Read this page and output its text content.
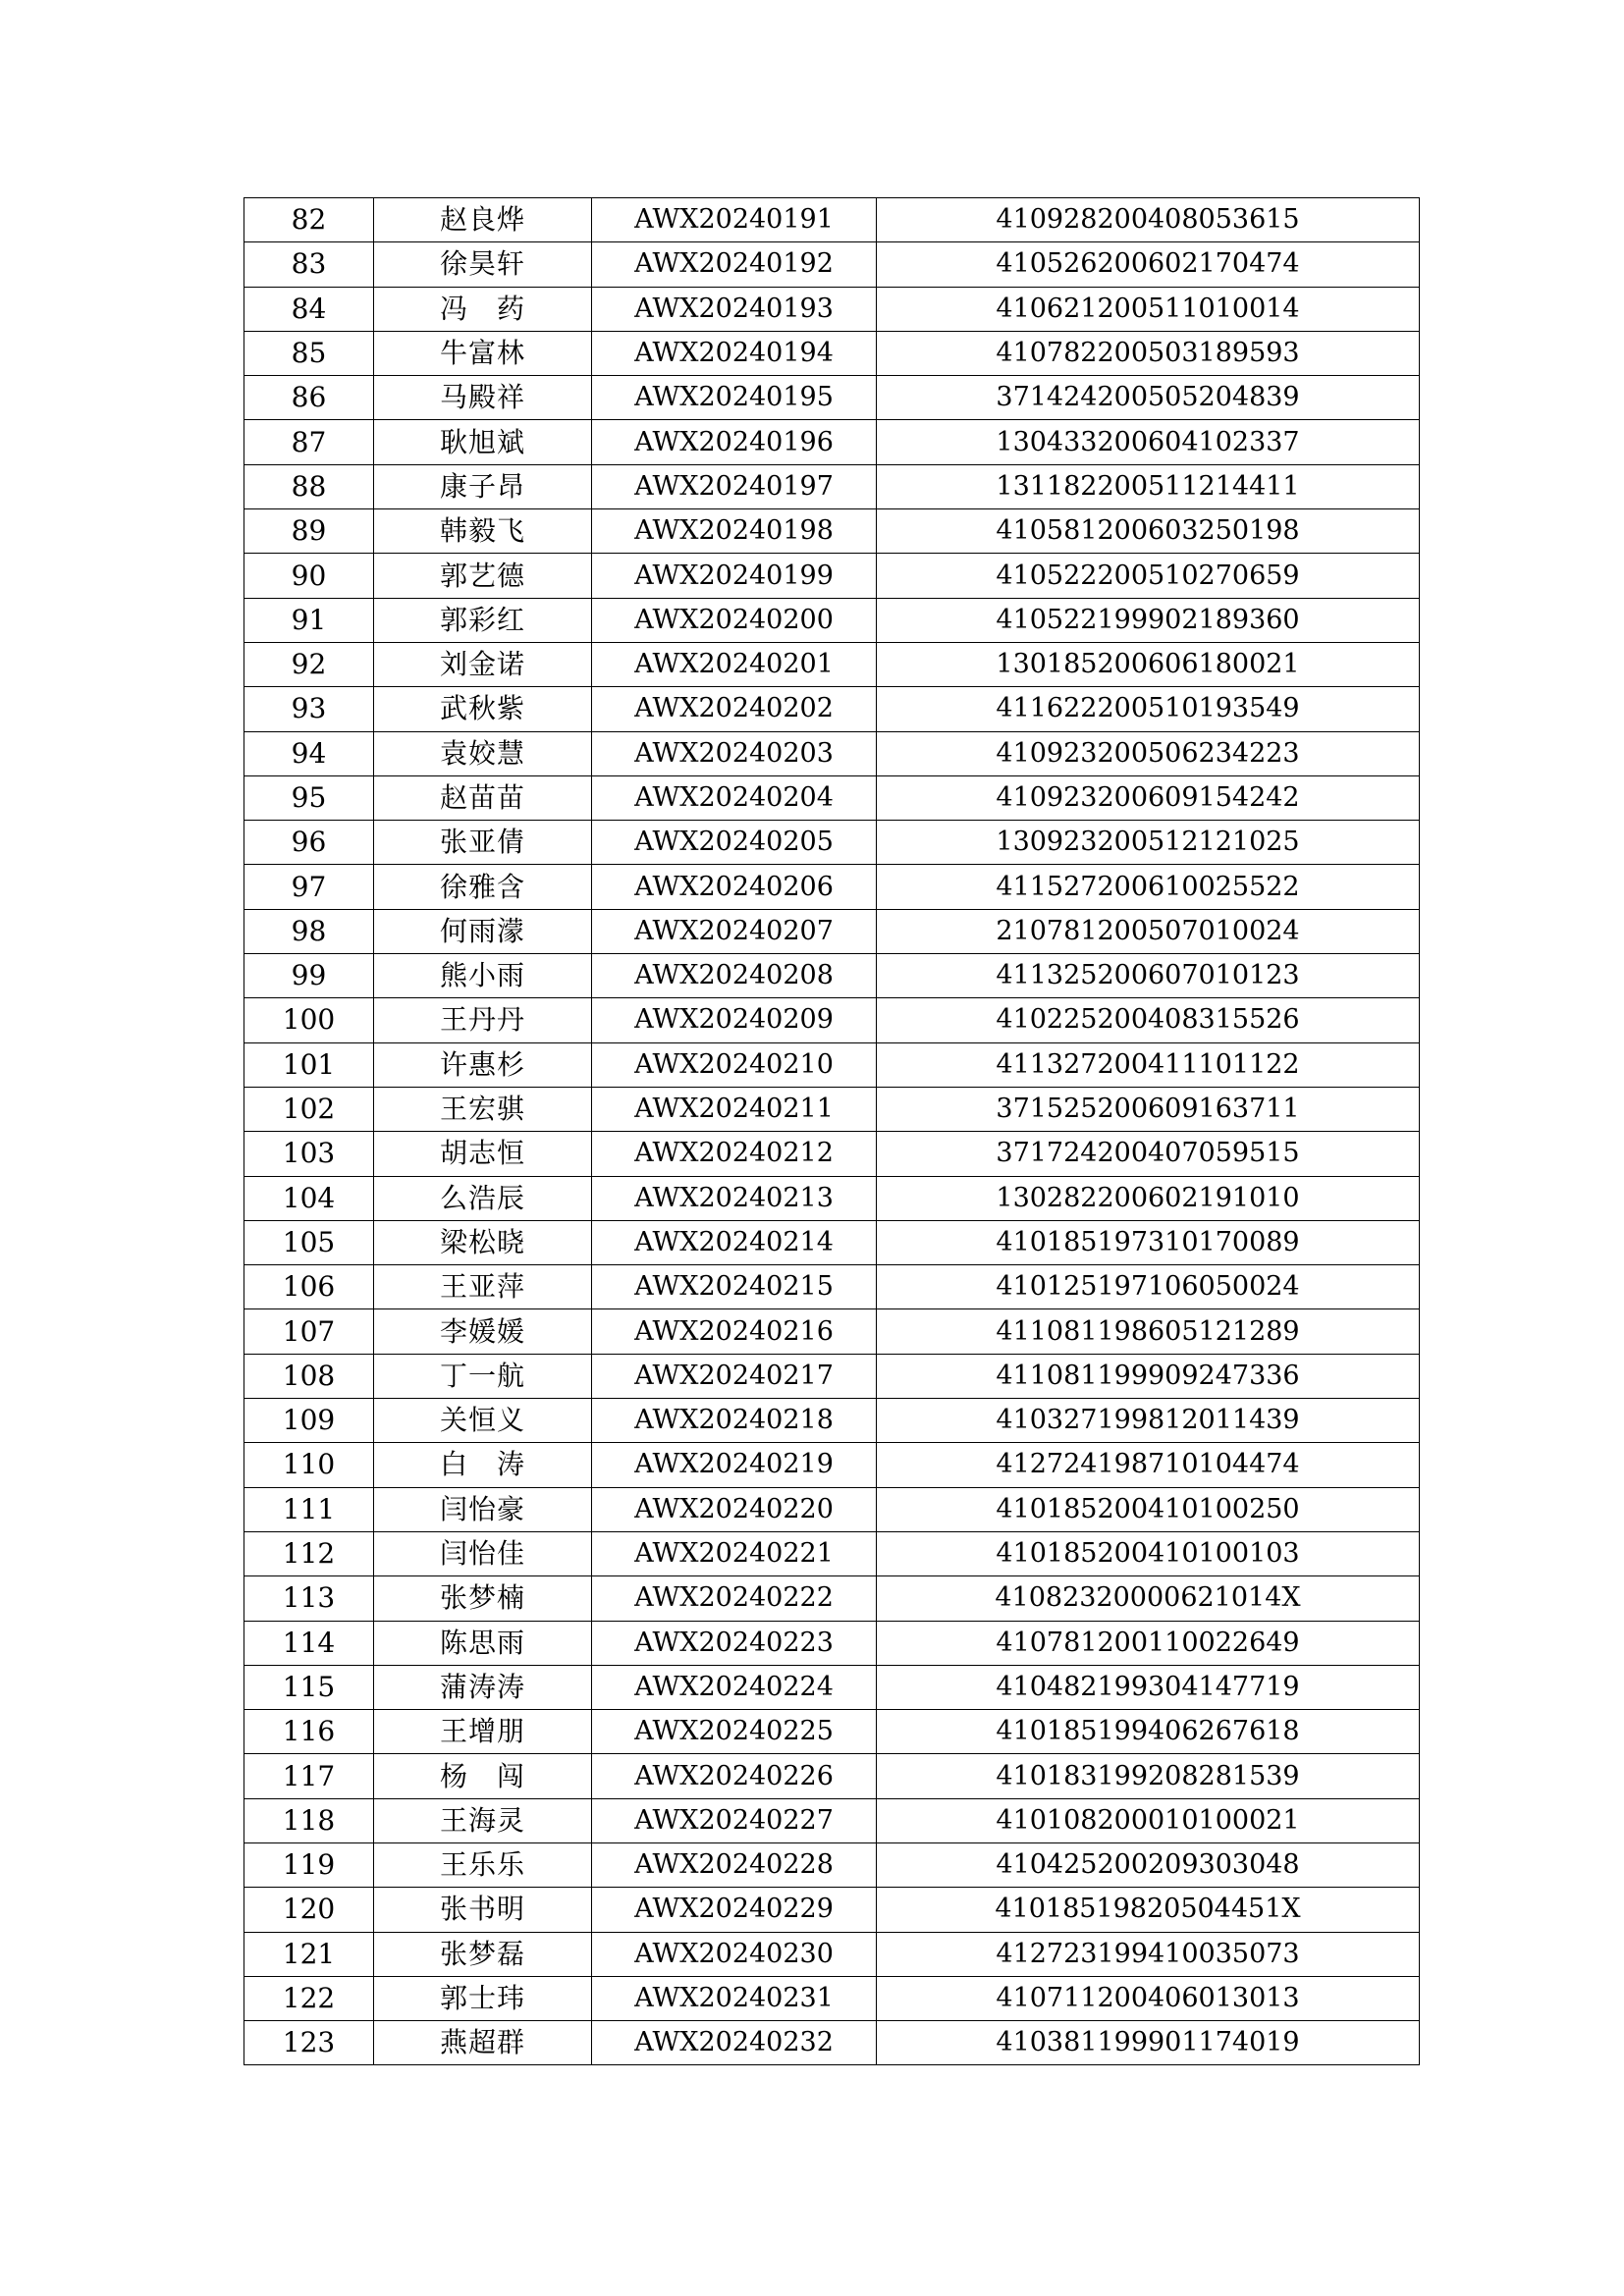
82	赵良烨	AWX20240191	410928200408053615
83	徐昊轩	AWX20240192	410526200602170474
84	冯　药	AWX20240193	410621200511010014
85	牛富林	AWX20240194	410782200503189593
86	马殿祥	AWX20240195	371424200505204839
87	耿旭斌	AWX20240196	130433200604102337
88	康子昂	AWX20240197	131182200511214411
89	韩毅飞	AWX20240198	410581200603250198
90	郭艺德	AWX20240199	410522200510270659
91	郭彩红	AWX20240200	410522199902189360
92	刘金诺	AWX20240201	130185200606180021
93	武秋紫	AWX20240202	411622200510193549
94	袁姣慧	AWX20240203	410923200506234223
95	赵苗苗	AWX20240204	410923200609154242
96	张亚倩	AWX20240205	130923200512121025
97	徐雅含	AWX20240206	411527200610025522
98	何雨濛	AWX20240207	210781200507010024
99	熊小雨	AWX20240208	411325200607010123
100	王丹丹	AWX20240209	410225200408315526
101	许惠杉	AWX20240210	411327200411101122
102	王宏骐	AWX20240211	371525200609163711
103	胡志恒	AWX20240212	371724200407059515
104	么浩辰	AWX20240213	130282200602191010
105	梁松晓	AWX20240214	410185197310170089
106	王亚萍	AWX20240215	410125197106050024
107	李媛媛	AWX20240216	411081198605121289
108	丁一航	AWX20240217	411081199909247336
109	关恒义	AWX20240218	410327199812011439
110	白　涛	AWX20240219	412724198710104474
111	闫怡豪	AWX20240220	410185200410100250
112	闫怡佳	AWX20240221	410185200410100103
113	张梦楠	AWX20240222	41082320000621014X
114	陈思雨	AWX20240223	410781200110022649
115	蒲涛涛	AWX20240224	410482199304147719
116	王增朋	AWX20240225	410185199406267618
117	杨　闯	AWX20240226	410183199208281539
118	王海灵	AWX20240227	410108200010100021
119	王乐乐	AWX20240228	410425200209303048
120	张书明	AWX20240229	41018519820504451X
121	张梦磊	AWX20240230	412723199410035073
122	郭士玮	AWX20240231	410711200406013013
123	燕超群	AWX20240232	410381199901174019
